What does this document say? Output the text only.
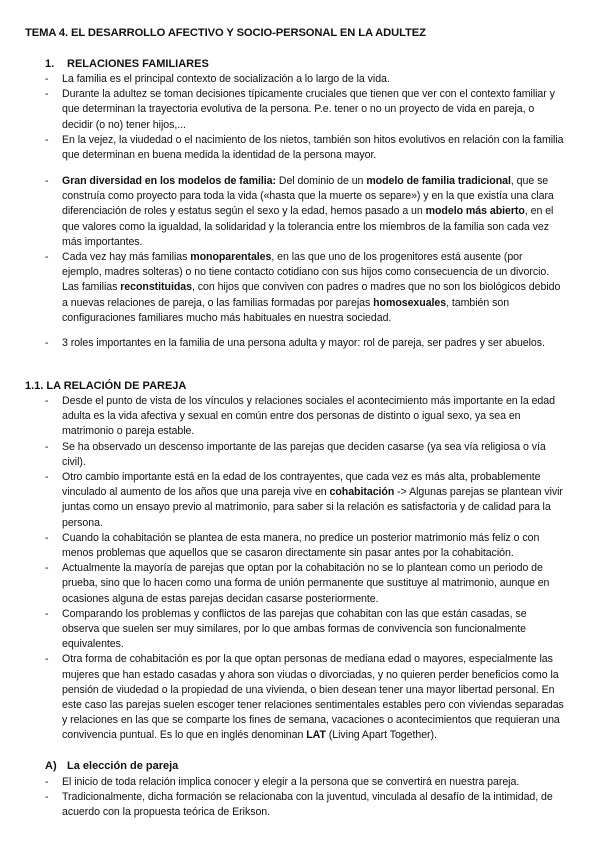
TEMA 4. EL DESARROLLO AFECTIVO Y SOCIO-PERSONAL EN LA ADULTEZ
1. RELACIONES FAMILIARES
- La familia es el principal contexto de socialización a lo largo de la vida.
- Durante la adultez se toman decisiones típicamente cruciales que tienen que ver con el contexto familiar y que determinan la trayectoria evolutiva de la persona. P.e. tener o no un proyecto de vida en pareja, o decidir (o no) tener hijos,...
- En la vejez, la viudedad o el nacimiento de los nietos, también son hitos evolutivos en relación con la familia que determinan en buena medida la identidad de la persona mayor.
- Gran diversidad en los modelos de familia: Del dominio de un modelo de familia tradicional, que se construía como proyecto para toda la vida («hasta que la muerte os separe») y en la que existía una clara diferenciación de roles y estatus según el sexo y la edad, hemos pasado a un modelo más abierto, en el que valores como la igualdad, la solidaridad y la tolerancia entre los miembros de la familia son cada vez más importantes.
- Cada vez hay más familias monoparentales, en las que uno de los progenitores está ausente (por ejemplo, madres solteras) o no tiene contacto cotidiano con sus hijos como consecuencia de un divorcio. Las familias reconstituidas, con hijos que conviven con padres o madres que no son los biológicos debido a nuevas relaciones de pareja, o las familias formadas por parejas homosexuales, también son configuraciones familiares mucho más habituales en nuestra sociedad.
- 3 roles importantes en la familia de una persona adulta y mayor: rol de pareja, ser padres y ser abuelos.
1.1. LA RELACIÓN DE PAREJA
- Desde el punto de vista de los vínculos y relaciones sociales el acontecimiento más importante en la edad adulta es la vida afectiva y sexual en común entre dos personas de distinto o igual sexo, ya sea en matrimonio o pareja estable.
- Se ha observado un descenso importante de las parejas que deciden casarse (ya sea vía religiosa o vía civil).
- Otro cambio importante está en la edad de los contrayentes, que cada vez es más alta, probablemente vinculado al aumento de los años que una pareja vive en cohabitación -> Algunas parejas se plantean vivir juntas como un ensayo previo al matrimonio, para saber si la relación es satisfactoria y de calidad para la persona.
- Cuando la cohabitación se plantea de esta manera, no predice un posterior matrimonio más feliz o con menos problemas que aquellos que se casaron directamente sin pasar antes por la cohabitación.
- Actualmente la mayoría de parejas que optan por la cohabitación no se lo plantean como un periodo de prueba, sino que lo hacen como una forma de unión permanente que sustituye al matrimonio, aunque en ocasiones alguna de estas parejas decidan casarse posteriormente.
- Comparando los problemas y conflictos de las parejas que cohabitan con las que están casadas, se observa que suelen ser muy similares, por lo que ambas formas de convivencia son funcionalmente equivalentes.
- Otra forma de cohabitación es por la que optan personas de mediana edad o mayores, especialmente las mujeres que han estado casadas y ahora son viudas o divorciadas, y no quieren perder beneficios como la pensión de viudedad o la propiedad de una vivienda, o bien desean tener una mayor libertad personal. En este caso las parejas suelen escoger tener relaciones sentimentales estables pero con viviendas separadas y relaciones en las que se comparte los fines de semana, vacaciones o acontecimientos que requieran una convivencia puntual. Es lo que en inglés denominan LAT (Living Apart Together).
A) La elección de pareja
- El inicio de toda relación implica conocer y elegir a la persona que se convertirá en nuestra pareja.
- Tradicionalmente, dicha formación se relacionaba con la juventud, vinculada al desafío de la intimidad, de acuerdo con la propuesta teórica de Erikson.
